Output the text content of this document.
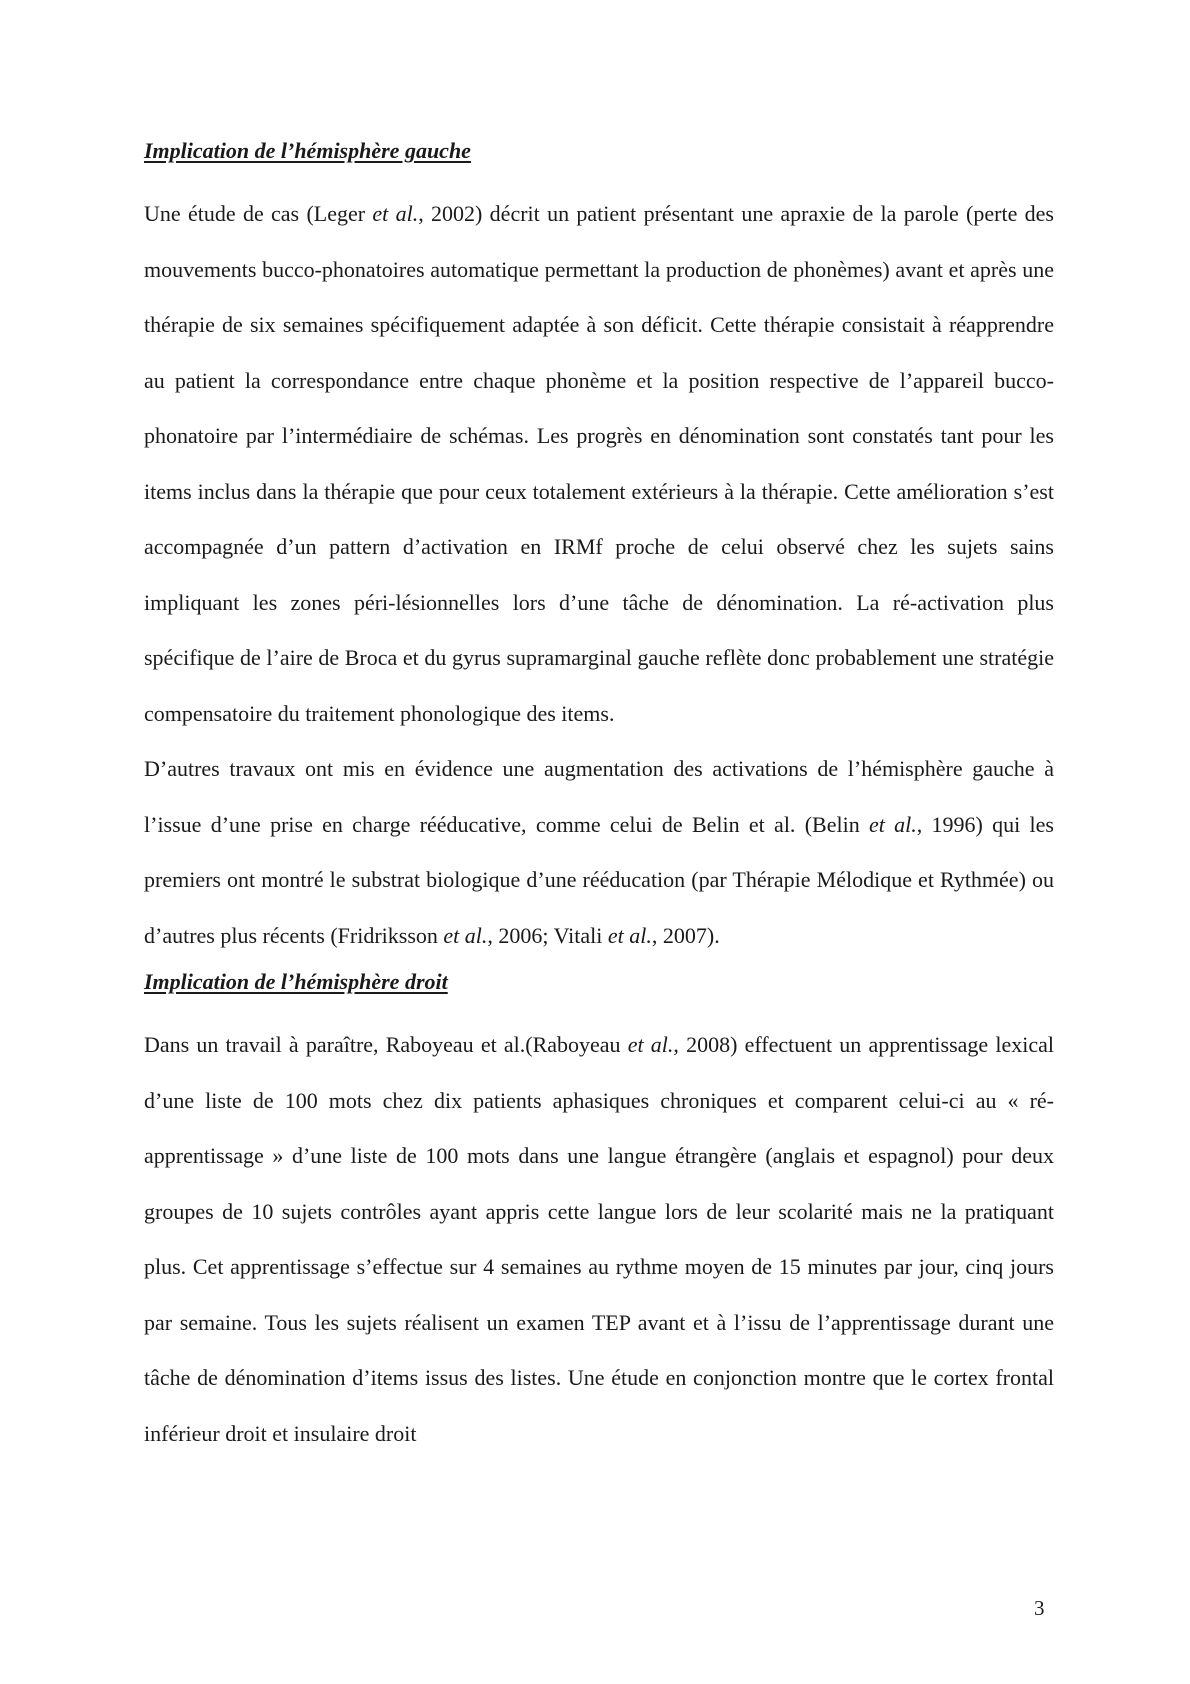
Implication de l’hémisphère gauche

Une étude de cas (Leger et al., 2002) décrit un patient présentant une apraxie de la parole (perte des mouvements bucco-phonatoires automatique permettant la production de phonèmes) avant et après une thérapie de six semaines spécifiquement adaptée à son déficit. Cette thérapie consistait à réapprendre au patient la correspondance entre chaque phonème et la position respective de l’appareil bucco-phonatoire par l’intermédiaire de schémas. Les progrès en dénomination sont constatés tant pour les items inclus dans la thérapie que pour ceux totalement extérieurs à la thérapie. Cette amélioration s’est accompagnée d’un pattern d’activation en IRMf proche de celui observé chez les sujets sains impliquant les zones péri-lésionnelles lors d’une tâche de dénomination. La ré-activation plus spécifique de l’aire de Broca et du gyrus supramarginal gauche reflète donc probablement une stratégie compensatoire du traitement phonologique des items.

D’autres travaux ont mis en évidence une augmentation des activations de l’hémisphère gauche à l’issue d’une prise en charge rééducative, comme celui de Belin et al. (Belin et al., 1996) qui les premiers ont montré le substrat biologique d’une rééducation (par Thérapie Mélodique et Rythmée) ou d’autres plus récents (Fridriksson et al., 2006; Vitali et al., 2007).

Implication de l’hémisphère droit

Dans un travail à paraître, Raboyeau et al.(Raboyeau et al., 2008) effectuent un apprentissage lexical d’une liste de 100 mots chez dix patients aphasiques chroniques et comparent celui-ci au « ré-apprentissage » d’une liste de 100 mots dans une langue étrangère (anglais et espagnol) pour deux groupes de 10 sujets contrôles ayant appris cette langue lors de leur scolarité mais ne la pratiquant plus. Cet apprentissage s’effectue sur 4 semaines au rythme moyen de 15 minutes par jour, cinq jours par semaine. Tous les sujets réalisent un examen TEP avant et à l’issu de l’apprentissage durant une tâche de dénomination d’items issus des listes. Une étude en conjonction montre que le cortex frontal inférieur droit et insulaire droit

3
